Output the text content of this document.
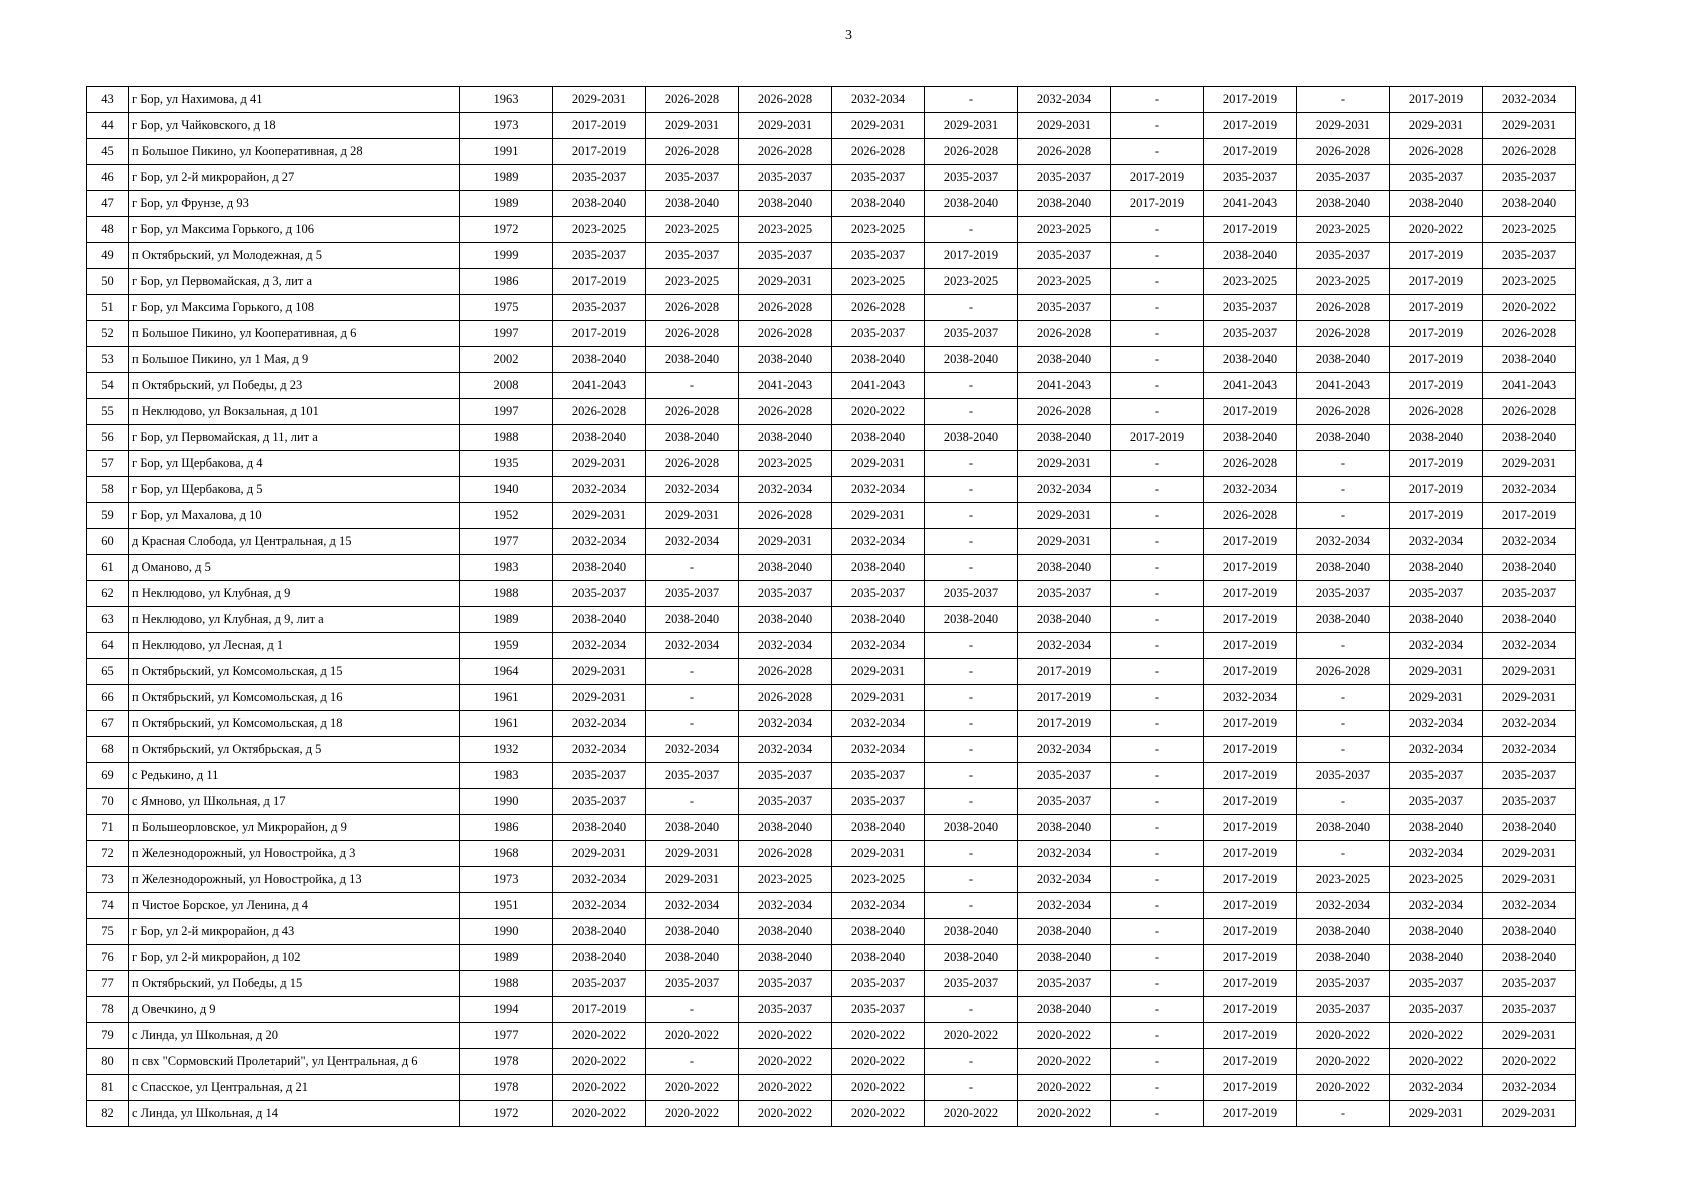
3
43	г Бор, ул Нахимова, д 41	1963	2029-2031	2026-2028	2026-2028	2032-2034	-	2032-2034	-	2017-2019	-	2017-2019	2032-2034
44	г Бор, ул Чайковского, д 18	1973	2017-2019	2029-2031	2029-2031	2029-2031	2029-2031	2029-2031	-	2017-2019	2029-2031	2029-2031	2029-2031
45	п Большое Пикино, ул Кооперативная, д 28	1991	2017-2019	2026-2028	2026-2028	2026-2028	2026-2028	2026-2028	-	2017-2019	2026-2028	2026-2028	2026-2028
46	г Бор, ул 2-й микрорайон, д 27	1989	2035-2037	2035-2037	2035-2037	2035-2037	2035-2037	2035-2037	2017-2019	2035-2037	2035-2037	2035-2037	2035-2037
47	г Бор, ул Фрунзе, д 93	1989	2038-2040	2038-2040	2038-2040	2038-2040	2038-2040	2038-2040	2017-2019	2041-2043	2038-2040	2038-2040	2038-2040
48	г Бор, ул Максима Горького, д 106	1972	2023-2025	2023-2025	2023-2025	2023-2025	-	2023-2025	-	2017-2019	2023-2025	2020-2022	2023-2025
49	п Октябрьский, ул Молодежная, д 5	1999	2035-2037	2035-2037	2035-2037	2035-2037	2017-2019	2035-2037	-	2038-2040	2035-2037	2017-2019	2035-2037
50	г Бор, ул Первомайская, д 3, лит а	1986	2017-2019	2023-2025	2029-2031	2023-2025	2023-2025	2023-2025	-	2023-2025	2023-2025	2017-2019	2023-2025
51	г Бор, ул Максима Горького, д 108	1975	2035-2037	2026-2028	2026-2028	2026-2028	-	2035-2037	-	2035-2037	2026-2028	2017-2019	2020-2022
52	п Большое Пикино, ул Кооперативная, д 6	1997	2017-2019	2026-2028	2026-2028	2035-2037	2035-2037	2026-2028	-	2035-2037	2026-2028	2017-2019	2026-2028
53	п Большое Пикино, ул 1 Мая, д 9	2002	2038-2040	2038-2040	2038-2040	2038-2040	2038-2040	2038-2040	-	2038-2040	2038-2040	2017-2019	2038-2040
54	п Октябрьский, ул Победы, д 23	2008	2041-2043	-	2041-2043	2041-2043	-	2041-2043	-	2041-2043	2041-2043	2017-2019	2041-2043
55	п Неклюдово, ул Вокзальная, д 101	1997	2026-2028	2026-2028	2026-2028	2020-2022	-	2026-2028	-	2017-2019	2026-2028	2026-2028	2026-2028
56	г Бор, ул Первомайская, д 11, лит а	1988	2038-2040	2038-2040	2038-2040	2038-2040	2038-2040	2038-2040	2017-2019	2038-2040	2038-2040	2038-2040	2038-2040
57	г Бор, ул Щербакова, д 4	1935	2029-2031	2026-2028	2023-2025	2029-2031	-	2029-2031	-	2026-2028	-	2017-2019	2029-2031
58	г Бор, ул Щербакова, д 5	1940	2032-2034	2032-2034	2032-2034	2032-2034	-	2032-2034	-	2032-2034	-	2017-2019	2032-2034
59	г Бор, ул Махалова, д 10	1952	2029-2031	2029-2031	2026-2028	2029-2031	-	2029-2031	-	2026-2028	-	2017-2019	2017-2019
60	д Красная Слобода, ул Центральная, д 15	1977	2032-2034	2032-2034	2029-2031	2032-2034	-	2029-2031	-	2017-2019	2032-2034	2032-2034	2032-2034
61	д Оманово, д 5	1983	2038-2040	-	2038-2040	2038-2040	-	2038-2040	-	2017-2019	2038-2040	2038-2040	2038-2040
62	п Неклюдово, ул Клубная, д 9	1988	2035-2037	2035-2037	2035-2037	2035-2037	2035-2037	2035-2037	-	2017-2019	2035-2037	2035-2037	2035-2037
63	п Неклюдово, ул Клубная, д 9, лит а	1989	2038-2040	2038-2040	2038-2040	2038-2040	2038-2040	2038-2040	-	2017-2019	2038-2040	2038-2040	2038-2040
64	п Неклюдово, ул Лесная, д 1	1959	2032-2034	2032-2034	2032-2034	2032-2034	-	2032-2034	-	2017-2019	-	2032-2034	2032-2034
65	п Октябрьский, ул Комсомольская, д 15	1964	2029-2031	-	2026-2028	2029-2031	-	2017-2019	-	2017-2019	2026-2028	2029-2031	2029-2031
66	п Октябрьский, ул Комсомольская, д 16	1961	2029-2031	-	2026-2028	2029-2031	-	2017-2019	-	2032-2034	-	2029-2031	2029-2031
67	п Октябрьский, ул Комсомольская, д 18	1961	2032-2034	-	2032-2034	2032-2034	-	2017-2019	-	2017-2019	-	2032-2034	2032-2034
68	п Октябрьский, ул Октябрьская, д 5	1932	2032-2034	2032-2034	2032-2034	2032-2034	-	2032-2034	-	2017-2019	-	2032-2034	2032-2034
69	с Редькино, д 11	1983	2035-2037	2035-2037	2035-2037	2035-2037	-	2035-2037	-	2017-2019	2035-2037	2035-2037	2035-2037
70	с Ямново, ул Школьная, д 17	1990	2035-2037	-	2035-2037	2035-2037	-	2035-2037	-	2017-2019	-	2035-2037	2035-2037
71	п Большеорловское, ул Микрорайон, д 9	1986	2038-2040	2038-2040	2038-2040	2038-2040	2038-2040	2038-2040	-	2017-2019	2038-2040	2038-2040	2038-2040
72	п Железнодорожный, ул Новостройка, д 3	1968	2029-2031	2029-2031	2026-2028	2029-2031	-	2032-2034	-	2017-2019	-	2032-2034	2029-2031
73	п Железнодорожный, ул Новостройка, д 13	1973	2032-2034	2029-2031	2023-2025	2023-2025	-	2032-2034	-	2017-2019	2023-2025	2023-2025	2029-2031
74	п Чистое Борское, ул Ленина, д 4	1951	2032-2034	2032-2034	2032-2034	2032-2034	-	2032-2034	-	2017-2019	2032-2034	2032-2034	2032-2034
75	г Бор, ул 2-й микрорайон, д 43	1990	2038-2040	2038-2040	2038-2040	2038-2040	2038-2040	2038-2040	-	2017-2019	2038-2040	2038-2040	2038-2040
76	г Бор, ул 2-й микрорайон, д 102	1989	2038-2040	2038-2040	2038-2040	2038-2040	2038-2040	2038-2040	-	2017-2019	2038-2040	2038-2040	2038-2040
77	п Октябрьский, ул Победы, д 15	1988	2035-2037	2035-2037	2035-2037	2035-2037	2035-2037	2035-2037	-	2017-2019	2035-2037	2035-2037	2035-2037
78	д Овечкино, д 9	1994	2017-2019	-	2035-2037	2035-2037	-	2038-2040	-	2017-2019	2035-2037	2035-2037	2035-2037
79	с Линда, ул Школьная, д 20	1977	2020-2022	2020-2022	2020-2022	2020-2022	2020-2022	2020-2022	-	2017-2019	2020-2022	2020-2022	2029-2031
80	п свх "Сормовский Пролетарий", ул Центральная, д 6	1978	2020-2022	-	2020-2022	2020-2022	-	2020-2022	-	2017-2019	2020-2022	2020-2022	2020-2022
81	с Спасское, ул Центральная, д 21	1978	2020-2022	2020-2022	2020-2022	2020-2022	-	2020-2022	-	2017-2019	2020-2022	2032-2034	2032-2034
82	с Линда, ул Школьная, д 14	1972	2020-2022	2020-2022	2020-2022	2020-2022	2020-2022	2020-2022	-	2017-2019	-	2029-2031	2029-2031
